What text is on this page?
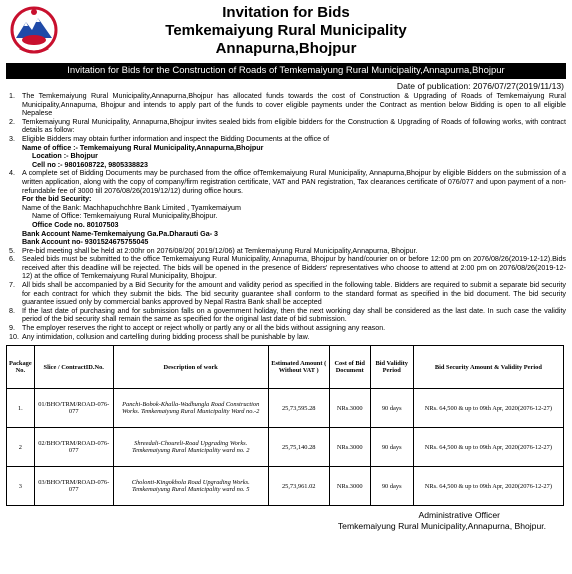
Invitation for Bids
Temkemaiyung Rural Municipality
Annapurna,Bhojpur
Invitation for Bids for the Construction of Roads of Temkemaiyung Rural Municipality,Annapurna,Bhojpur
Date of publication: 2076/07/27(2019/11/13)
1. The Temkemaiyung Rural Municipality,Annapurna,Bhojpur has allocated funds towards the cost of Construction & Upgrading of Roads of Temkemaiyung Rural Municipality,Annapurna, Bhojpur and intends to apply part of the funds to cover eligible payments under the Contract as mention below Bidding is open to all eligible Nepalese
2. Temkemaiyung Rural Municipality, Annapurna,Bhojpur invites sealed bids from eligible bidders for the Construction & Upgrading of Roads of following works, with contract details as follow:
3. Eligible Bidders may obtain further information and inspect the Bidding Documents at the office of
Name of office :- Temkemaiyung Rural Municipality,Annapurna,Bhojpur
Location :- Bhojpur
Cell no :- 9801608722, 9805338823
4. A complete set of Bidding Documents may be purchased from the office ofTemkemaiyung Rural Municipality, Annapurna,Bhojpur by eligible Bidders on the submission of a written application, along with the copy of company/firm registration certificate, VAT and PAN registration, Tax clearances certificate of 076/077 and upon payment of a non-refundable fee of 3000 till 2076/08/26(2019/12/12) during office hours.
For the bid Security:
Name of the Bank: Machhapuchchhre Bank Limited , Tyamkemaiyum
Name of Office: Temkemaiyung Rural Municipality,Bhojpur.
Office Code no. 80107503
Bank Account Name-Temkemaiyung Ga.Pa.Dharauti Ga- 3
Bank Account no- 9301524675755045
5. Pre-bid meeting shall be held at 2:00hr on 2076/08/20( 2019/12/06) at Temkemaiyung Rural Municipality,Annapurna, Bhojpur.
6. Sealed bids must be submitted to the office Temkemaiyung Rural Municipality, Annapurna, Bhojpur by hand/courier on or before 12:00 pm on 2076/08/26(2019-12-12).Bids received after this deadline will be rejected. The bids will be opened in the presence of Bidders' representatives who choose to attend at 2:00 pm on 2076/08/26(2019-12-12) at the office of Temkemaiyung Rural Municipality, Bhojpur.
7. All bids shall be accompanied by a Bid Security for the amount and validity period as specified in the following table. Bidders are required to submit a separate bid security for each contract for which they submit the bids. The bid security guarantee shall conform to the standard format as specified in the bid document. The bid security guarantee issued only by commercial banks approved by Nepal Rastra Bank shall be accepted
8. If the last date of purchasing and for submission falls on a government holiday, then the next working day shall be considered as the last date. In such case the validity period of the bid security shall remain the same as specified for the original last date of bid submission.
9. The employer reserves the right to accept or reject wholly or partly any or all the bids without assigning any reason.
10. Any intimidation, collusion and cartelling during bidding process shall be punishable by law.
Package No.	Slice / ContractID.No.	Description of work	Estimated Amount ( Without VAT )	Cost of Bid Document	Bid Validity Period	Bid Security Amount & Validity Period
1.	01/BHO/TRM/ROAD-076-077	Panchi-Bobok-Khalla-Wadhungla Road Construction Works. Temkemaiyung Rural Municipality Ward no.-2	25,73,595.28	NRs.3000	90 days	NRs. 64,500 & up to 09th Apr, 2020(2076-12-27)
2	02/BHO/TRM/ROAD-076-077	Shreedali-Choureli-Road Upgrading Works. Temkemaiyung Rural Municipality ward no. 2	25,75,140.28	NRs.3000	90 days	NRs. 64,500 & up to 09th Apr, 2020(2076-12-27)
3	03/BHO/TRM/ROAD-076-077	Cholonti-Kingokhola Road Upgrading Works. Temkemaiyung Rural Municipality ward no. 5	25,73,961.02	NRs.3000	90 days	NRs. 64,500 & up to 09th Apr, 2020(2076-12-27)
Administrative Officer
Temkemaiyung Rural Municipality,Annapurna, Bhojpur.
